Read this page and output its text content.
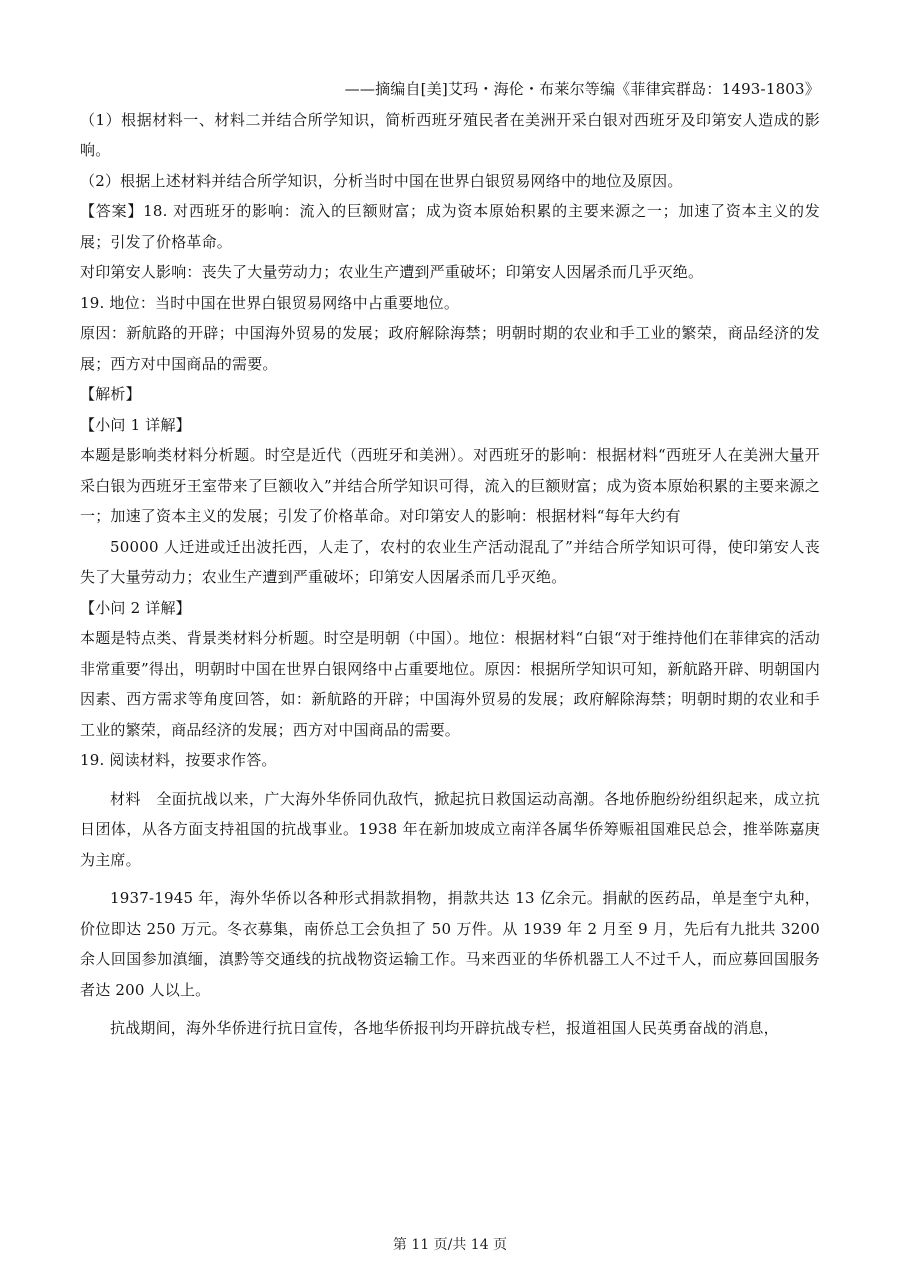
——摘编自[美]艾玛・海伦・布莱尔等编《菲律宾群岛：1493-1803》

（1）根据材料一、材料二并结合所学知识，简析西班牙殖民者在美洲开采白银对西班牙及印第安人造成的影响。

（2）根据上述材料并结合所学知识，分析当时中国在世界白银贸易网络中的地位及原因。

【答案】18. 对西班牙的影响：流入的巨额财富；成为资本原始积累的主要来源之一；加速了资本主义的发展；引发了价格革命。

对印第安人影响：丧失了大量劳动力；农业生产遭到严重破坏；印第安人因屠杀而几乎灭绝。

19. 地位：当时中国在世界白银贸易网络中占重要地位。

原因：新航路的开辟；中国海外贸易的发展；政府解除海禁；明朝时期的农业和手工业的繁荣，商品经济的发展；西方对中国商品的需要。

【解析】

【小问 1 详解】

本题是影响类材料分析题。时空是近代（西班牙和美洲）。对西班牙的影响：根据材料“西班牙人在美洲大量开采白银为西班牙王室带来了巨额收入”并结合所学知识可得，流入的巨额财富；成为资本原始积累的主要来源之一；加速了资本主义的发展；引发了价格革命。对印第安人的影响：根据材料“每年大约有

50000 人迁进或迁出波托西，人走了，农村的农业生产活动混乱了”并结合所学知识可得，使印第安人丧失了大量劳动力；农业生产遭到严重破坏；印第安人因屠杀而几乎灭绝。

【小问 2 详解】

本题是特点类、背景类材料分析题。时空是明朝（中国）。地位：根据材料“白银“对于维持他们在菲律宾的活动非常重要”得出，明朝时中国在世界白银网络中占重要地位。原因：根据所学知识可知，新航路开辟、明朝国内因素、西方需求等角度回答，如：新航路的开辟；中国海外贸易的发展；政府解除海禁；明朝时期的农业和手工业的繁荣，商品经济的发展；西方对中国商品的需要。

19. 阅读材料，按要求作答。

材料　全面抗战以来，广大海外华侨同仇敌忾，掀起抗日救国运动高潮。各地侨胞纷纷组织起来，成立抗日团体，从各方面支持祖国的抗战事业。1938 年在新加坡成立南洋各属华侨筹赈祖国难民总会，推举陈嘉庚为主席。

1937-1945 年，海外华侨以各种形式捐款捐物，捐款共达 13 亿余元。捐献的医药品，单是奎宁丸种，价位即达 250 万元。冬衣募集，南侨总工会负担了 50 万件。从 1939 年 2 月至 9 月，先后有九批共 3200 余人回国参加滇缅，滇黔等交通线的抗战物资运输工作。马来西亚的华侨机器工人不过千人，而应募回国服务者达 200 人以上。

抗战期间，海外华侨进行抗日宣传，各地华侨报刊均开辟抗战专栏，报道祖国人民英勇奋战的消息，

第 11 页/共 14 页
